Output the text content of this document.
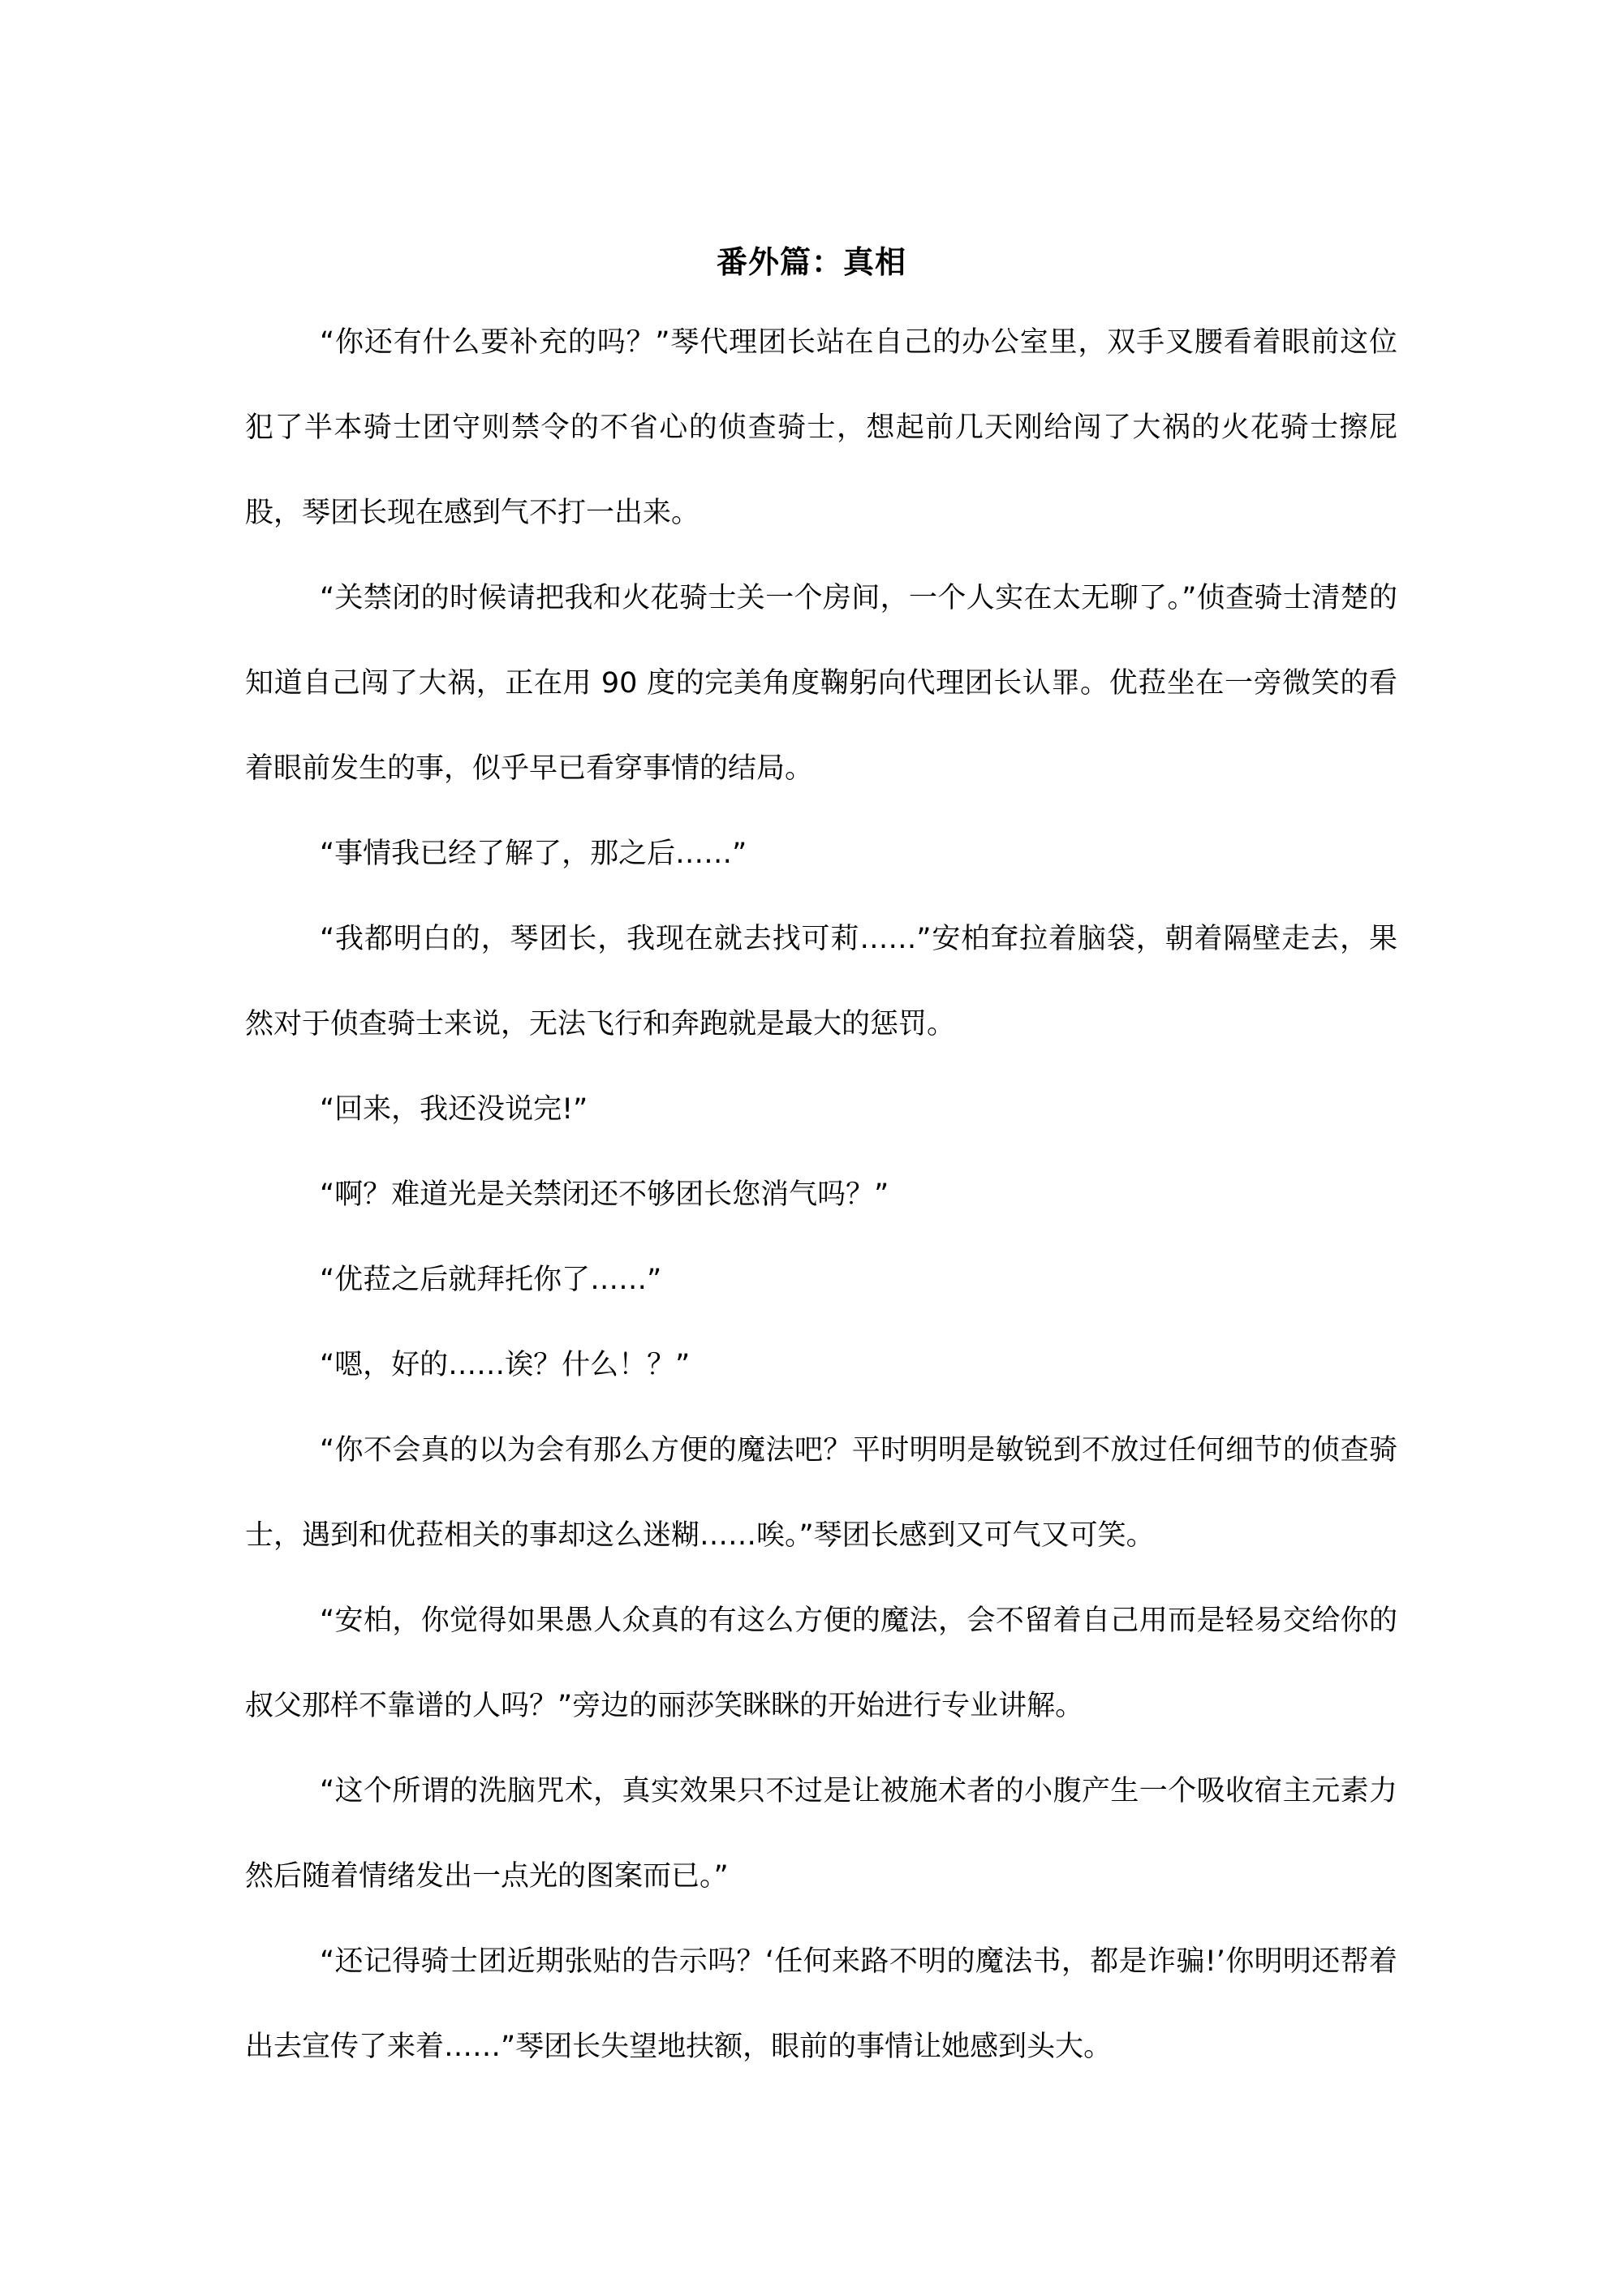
番外篇：真相

“你还有什么要补充的吗？”琴代理团长站在自己的办公室里，双手叉腰看着眼前这位犯了半本骑士团守则禁令的不省心的侦查骑士，想起前几天刚给闯了大祸的火花骑士擦屁股，琴团长现在感到气不打一出来。

“关禁闭的时候请把我和火花骑士关一个房间，一个人实在太无聊了。”侦查骑士清楚的知道自己闯了大祸，正在用 90 度的完美角度鞠躬向代理团长认罪。优菈坐在一旁微笑的看着眼前发生的事，似乎早已看穿事情的结局。

“事情我已经了解了，那之后……”

“我都明白的，琴团长，我现在就去找可莉……”安柏耷拉着脑袋，朝着隔壁走去，果然对于侦查骑士来说，无法飞行和奔跑就是最大的惩罚。

“回来，我还没说完!”

“啊？难道光是关禁闭还不够团长您消气吗？”

“优菈之后就拜托你了……”

“嗯，好的……诶？什么！？”

“你不会真的以为会有那么方便的魔法吧？平时明明是敏锐到不放过任何细节的侦查骑士，遇到和优菈相关的事却这么迷糊……唉。”琴团长感到又可气又可笑。

“安柏，你觉得如果愚人众真的有这么方便的魔法，会不留着自己用而是轻易交给你的叔父那样不靠谱的人吗？”旁边的丽莎笑眯眯的开始进行专业讲解。

“这个所谓的洗脑咒术，真实效果只不过是让被施术者的小腹产生一个吸收宿主元素力然后随着情绪发出一点光的图案而已。”

“还记得骑士团近期张贴的告示吗？‘任何来路不明的魔法书，都是诈骗!’你明明还帮着出去宣传了来着……”琴团长失望地扶额，眼前的事情让她感到头大。
